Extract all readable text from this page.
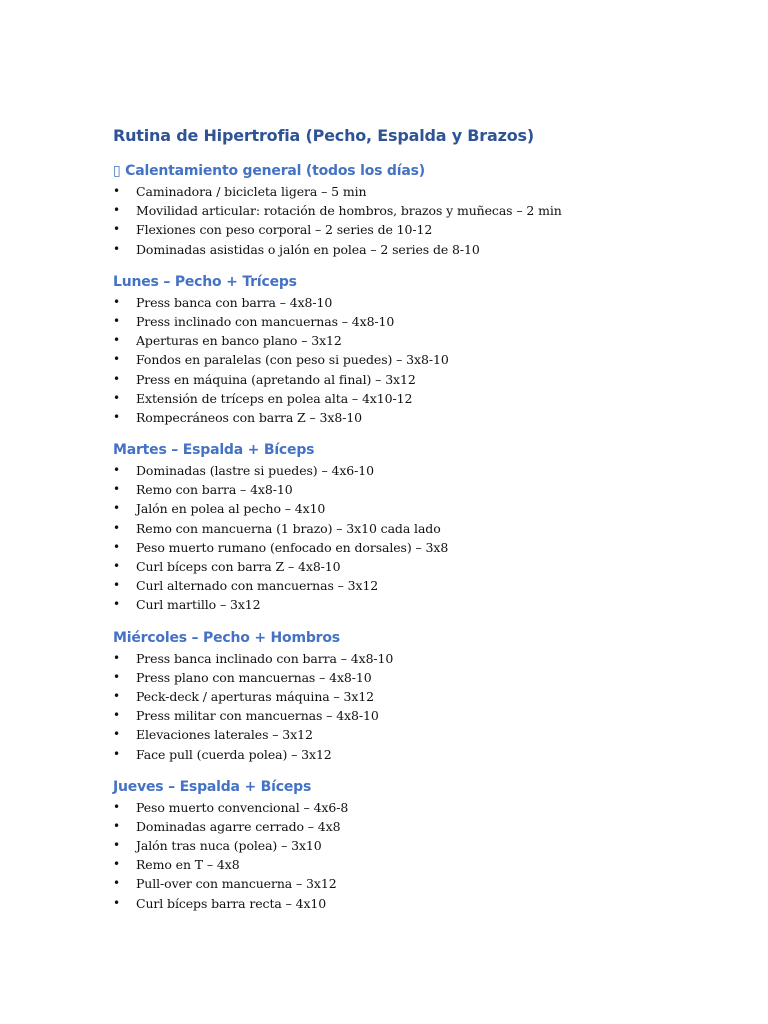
Rutina de Hipertrofia (Pecho, Espalda y Brazos)
▯ Calentamiento general (todos los días)
• Caminadora / bicicleta ligera – 5 min
• Movilidad articular: rotación de hombros, brazos y muñecas – 2 min
• Flexiones con peso corporal – 2 series de 10-12
• Dominadas asistidas o jalón en polea – 2 series de 8-10
Lunes – Pecho + Tríceps
• Press banca con barra – 4x8-10
• Press inclinado con mancuernas – 4x8-10
• Aperturas en banco plano – 3x12
• Fondos en paralelas (con peso si puedes) – 3x8-10
• Press en máquina (apretando al final) – 3x12
• Extensión de tríceps en polea alta – 4x10-12
• Rompecráneos con barra Z – 3x8-10
Martes – Espalda + Bíceps
• Dominadas (lastre si puedes) – 4x6-10
• Remo con barra – 4x8-10
• Jalón en polea al pecho – 4x10
• Remo con mancuerna (1 brazo) – 3x10 cada lado
• Peso muerto rumano (enfocado en dorsales) – 3x8
• Curl bíceps con barra Z – 4x8-10
• Curl alternado con mancuernas – 3x12
• Curl martillo – 3x12
Miércoles – Pecho + Hombros
• Press banca inclinado con barra – 4x8-10
• Press plano con mancuernas – 4x8-10
• Peck-deck / aperturas máquina – 3x12
• Press militar con mancuernas – 4x8-10
• Elevaciones laterales – 3x12
• Face pull (cuerda polea) – 3x12
Jueves – Espalda + Bíceps
• Peso muerto convencional – 4x6-8
• Dominadas agarre cerrado – 4x8
• Jalón tras nuca (polea) – 3x10
• Remo en T – 4x8
• Pull-over con mancuerna – 3x12
• Curl bíceps barra recta – 4x10
